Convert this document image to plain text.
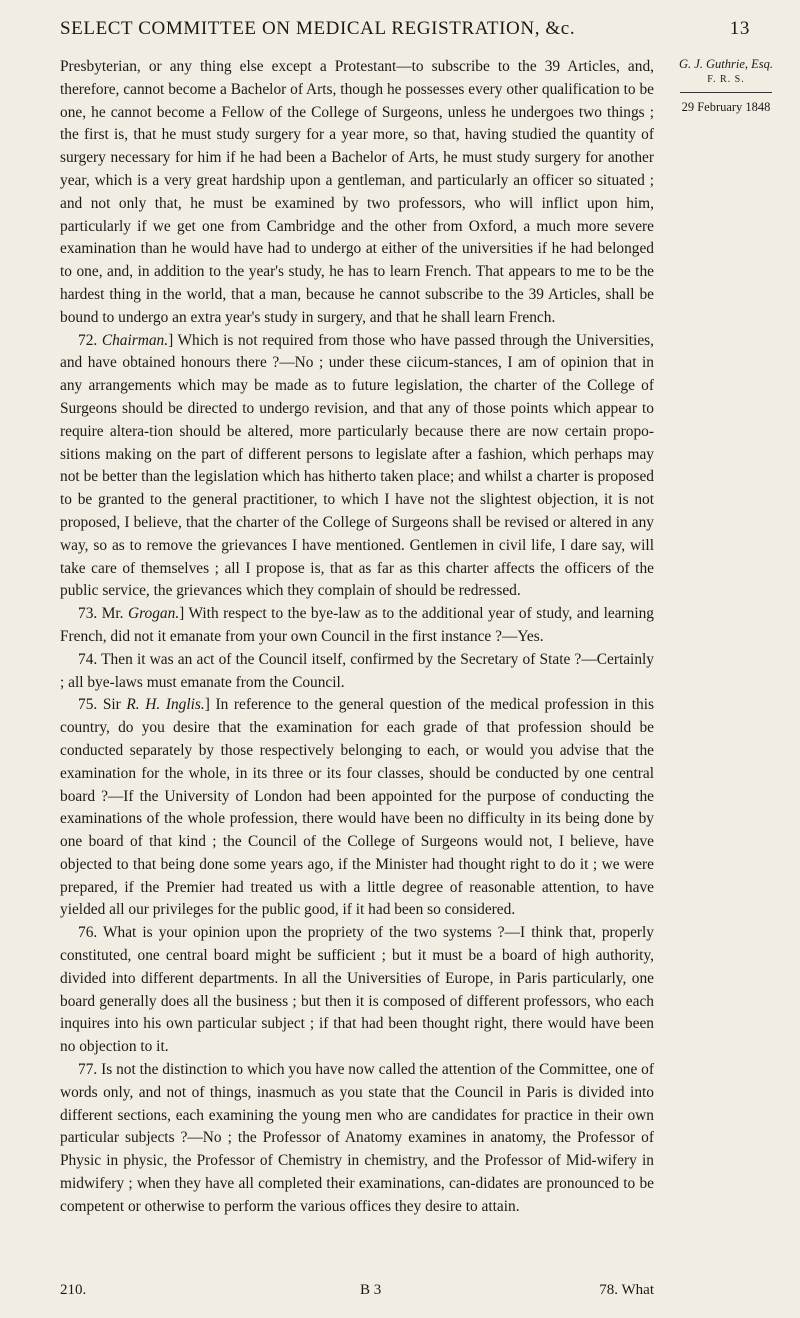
SELECT COMMITTEE ON MEDICAL REGISTRATION, &c.	13
G. J. Guthrie, Esq.
F. R. S.
29 February 1848

Presbyterian, or any thing else except a Protestant—to subscribe to the 39 Articles, and, therefore, cannot become a Bachelor of Arts, though he possesses every other qualification to be one, he cannot become a Fellow of the College of Surgeons, unless he undergoes two things ; the first is, that he must study surgery for a year more, so that, having studied the quantity of surgery necessary for him if he had been a Bachelor of Arts, he must study surgery for another year, which is a very great hardship upon a gentleman, and particularly an officer so situated ; and not only that, he must be examined by two professors, who will inflict upon him, particularly if we get one from Cambridge and the other from Oxford, a much more severe examination than he would have had to undergo at either of the universities if he had belonged to one, and, in addition to the year's study, he has to learn French. That appears to me to be the hardest thing in the world, that a man, because he cannot subscribe to the 39 Articles, shall be bound to undergo an extra year's study in surgery, and that he shall learn French.

72. Chairman.] Which is not required from those who have passed through the Universities, and have obtained honours there ?—No ; under these ciicum-stances, I am of opinion that in any arrangements which may be made as to future legislation, the charter of the College of Surgeons should be directed to undergo revision, and that any of those points which appear to require altera-tion should be altered, more particularly because there are now certain propo-sitions making on the part of different persons to legislate after a fashion, which perhaps may not be better than the legislation which has hitherto taken place; and whilst a charter is proposed to be granted to the general practitioner, to which I have not the slightest objection, it is not proposed, I believe, that the charter of the College of Surgeons shall be revised or altered in any way, so as to remove the grievances I have mentioned. Gentlemen in civil life, I dare say, will take care of themselves ; all I propose is, that as far as this charter affects the officers of the public service, the grievances which they complain of should be redressed.

73. Mr. Grogan.] With respect to the bye-law as to the additional year of study, and learning French, did not it emanate from your own Council in the first instance ?—Yes.

74. Then it was an act of the Council itself, confirmed by the Secretary of State ?—Certainly ; all bye-laws must emanate from the Council.

75. Sir R. H. Inglis.] In reference to the general question of the medical profession in this country, do you desire that the examination for each grade of that profession should be conducted separately by those respectively belonging to each, or would you advise that the examination for the whole, in its three or its four classes, should be conducted by one central board ?—If the University of London had been appointed for the purpose of conducting the examinations of the whole profession, there would have been no difficulty in its being done by one board of that kind ; the Council of the College of Surgeons would not, I believe, have objected to that being done some years ago, if the Minister had thought right to do it ; we were prepared, if the Premier had treated us with a little degree of reasonable attention, to have yielded all our privileges for the public good, if it had been so considered.

76. What is your opinion upon the propriety of the two systems ?—I think that, properly constituted, one central board might be sufficient ; but it must be a board of high authority, divided into different departments. In all the Universities of Europe, in Paris particularly, one board generally does all the business ; but then it is composed of different professors, who each inquires into his own particular subject ; if that had been thought right, there would have been no objection to it.

77. Is not the distinction to which you have now called the attention of the Committee, one of words only, and not of things, inasmuch as you state that the Council in Paris is divided into different sections, each examining the young men who are candidates for practice in their own particular subjects ?—No ; the Professor of Anatomy examines in anatomy, the Professor of Physic in physic, the Professor of Chemistry in chemistry, and the Professor of Mid-wifery in midwifery ; when they have all completed their examinations, can-didates are pronounced to be competent or otherwise to perform the various offices they desire to attain.

210.	B 3	78. What
